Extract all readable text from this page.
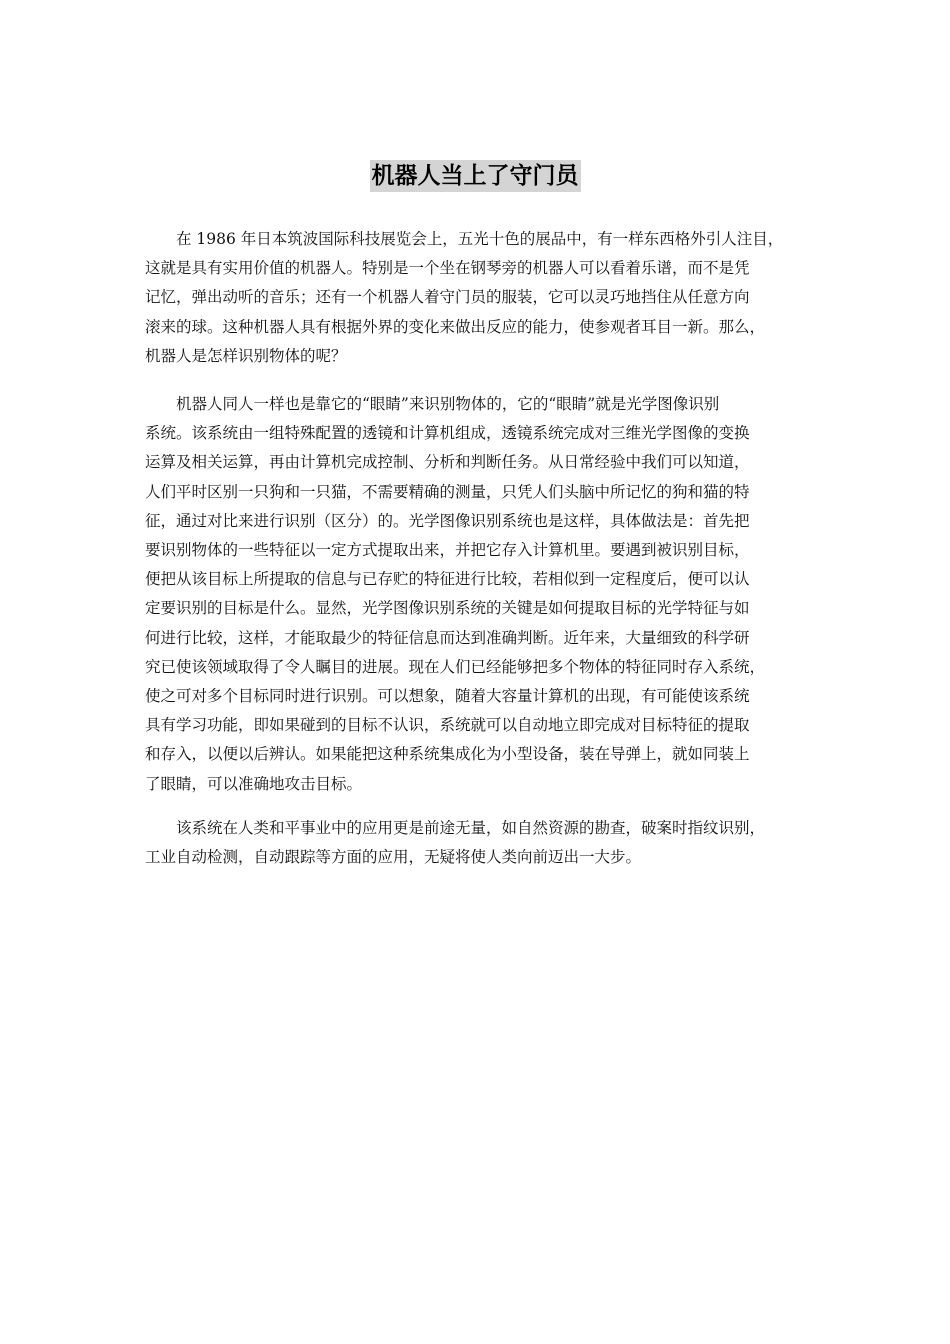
机器人当上了守门员
　　在 1986 年日本筑波国际科技展览会上，五光十色的展品中，有一样东西格外引人注目，
这就是具有实用价值的机器人。特别是一个坐在钢琴旁的机器人可以看着乐谱，而不是凭
记忆，弹出动听的音乐；还有一个机器人着守门员的服装，它可以灵巧地挡住从任意方向
滚来的球。这种机器人具有根据外界的变化来做出反应的能力，使参观者耳目一新。那么，
机器人是怎样识别物体的呢？
　　机器人同人一样也是靠它的“眼睛”来识别物体的，它的“眼睛”就是光学图像识别
系统。该系统由一组特殊配置的透镜和计算机组成，透镜系统完成对三维光学图像的变换
运算及相关运算，再由计算机完成控制、分析和判断任务。从日常经验中我们可以知道，
人们平时区别一只狗和一只猫，不需要精确的测量，只凭人们头脑中所记忆的狗和猫的特
征，通过对比来进行识别（区分）的。光学图像识别系统也是这样，具体做法是：首先把
要识别物体的一些特征以一定方式提取出来，并把它存入计算机里。要遇到被识别目标，
便把从该目标上所提取的信息与已存贮的特征进行比较，若相似到一定程度后，便可以认
定要识别的目标是什么。显然，光学图像识别系统的关键是如何提取目标的光学特征与如
何进行比较，这样，才能取最少的特征信息而达到准确判断。近年来，大量细致的科学研
究已使该领域取得了令人瞩目的进展。现在人们已经能够把多个物体的特征同时存入系统，
使之可对多个目标同时进行识别。可以想象，随着大容量计算机的出现，有可能使该系统
具有学习功能，即如果碰到的目标不认识，系统就可以自动地立即完成对目标特征的提取
和存入，以便以后辨认。如果能把这种系统集成化为小型设备，装在导弹上，就如同装上
了眼睛，可以准确地攻击目标。
　　该系统在人类和平事业中的应用更是前途无量，如自然资源的勘查，破案时指纹识别，
工业自动检测，自动跟踪等方面的应用，无疑将使人类向前迈出一大步。
